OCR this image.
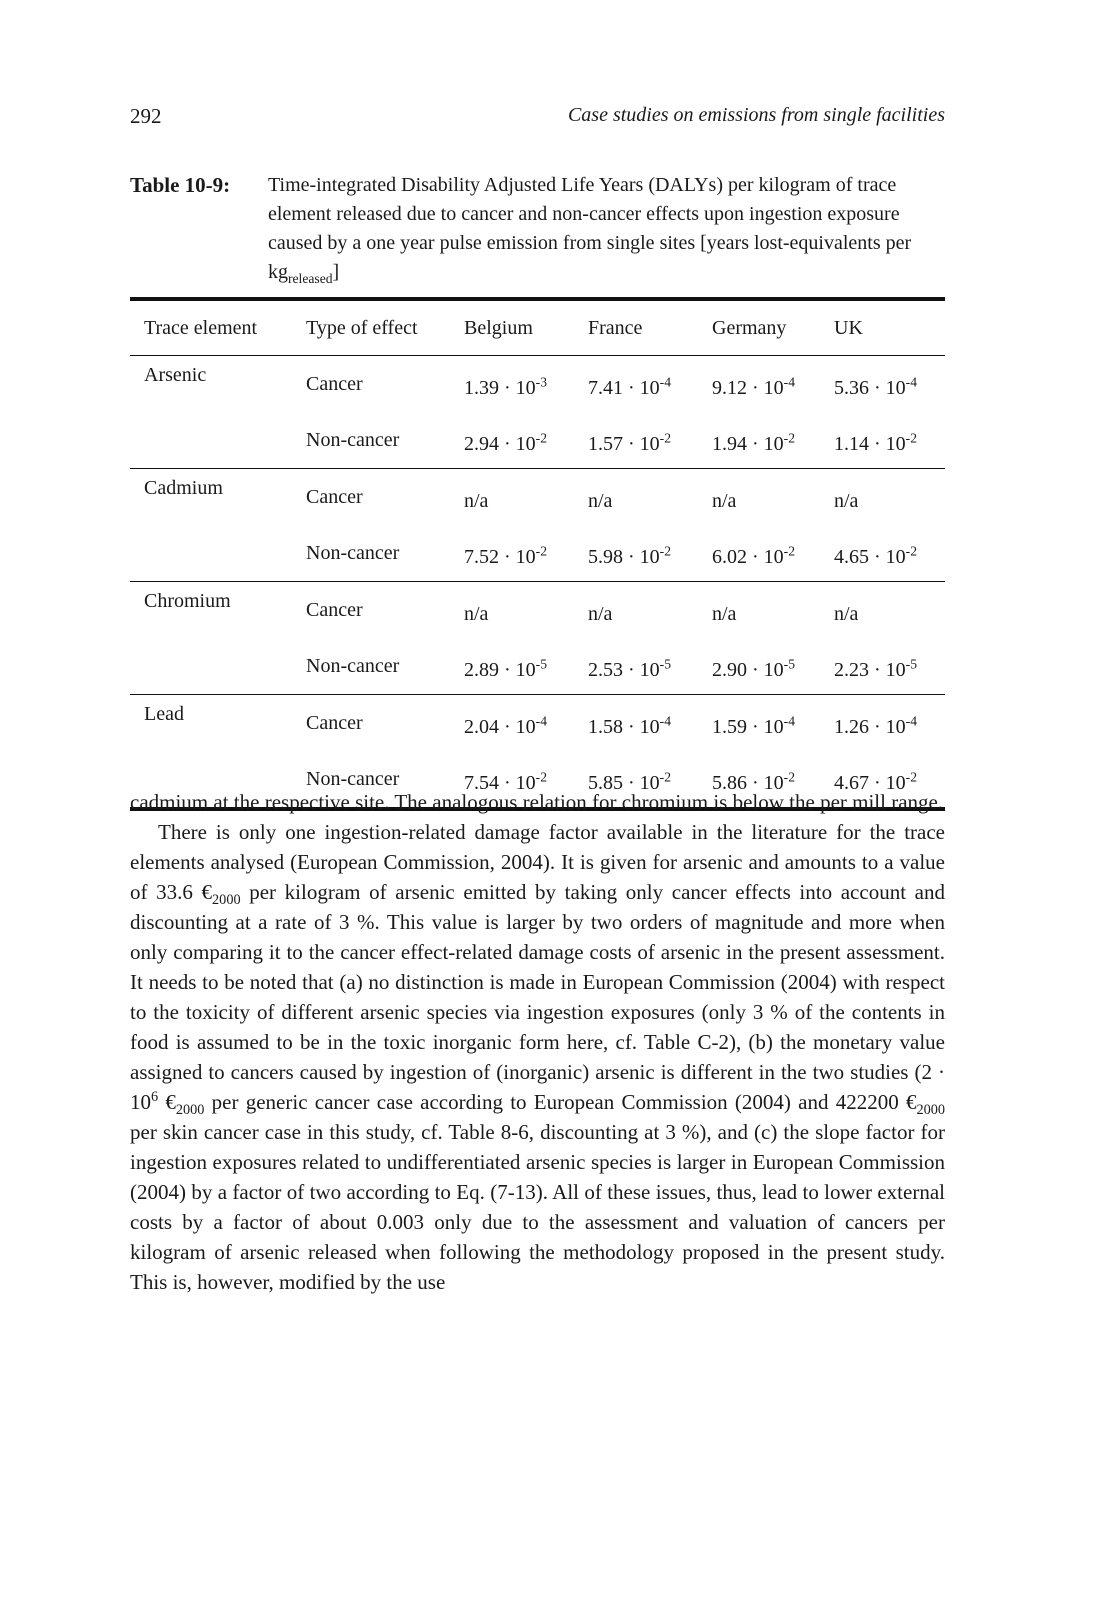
292	Case studies on emissions from single facilities
Table 10-9: Time-integrated Disability Adjusted Life Years (DALYs) per kilogram of trace element released due to cancer and non-cancer effects upon ingestion exposure caused by a one year pulse emission from single sites [years lost-equivalents per $kg_{released}$]
Trace element	Type of effect	Belgium	France	Germany	UK
Arsenic	Cancer	$1.39 \cdot 10^{-3}$	$7.41 \cdot 10^{-4}$	$9.12 \cdot 10^{-4}$	$5.36 \cdot 10^{-4}$
	Non-cancer	$2.94 \cdot 10^{-2}$	$1.57 \cdot 10^{-2}$	$1.94 \cdot 10^{-2}$	$1.14 \cdot 10^{-2}$
Cadmium	Cancer	n/a	n/a	n/a	n/a
	Non-cancer	$7.52 \cdot 10^{-2}$	$5.98 \cdot 10^{-2}$	$6.02 \cdot 10^{-2}$	$4.65 \cdot 10^{-2}$
Chromium	Cancer	n/a	n/a	n/a	n/a
	Non-cancer	$2.89 \cdot 10^{-5}$	$2.53 \cdot 10^{-5}$	$2.90 \cdot 10^{-5}$	$2.23 \cdot 10^{-5}$
Lead	Cancer	$2.04 \cdot 10^{-4}$	$1.58 \cdot 10^{-4}$	$1.59 \cdot 10^{-4}$	$1.26 \cdot 10^{-4}$
	Non-cancer	$7.54 \cdot 10^{-2}$	$5.85 \cdot 10^{-2}$	$5.86 \cdot 10^{-2}$	$4.67 \cdot 10^{-2}$

cadmium at the respective site. The analogous relation for chromium is below the per mill range.

There is only one ingestion-related damage factor available in the literature for the trace elements analysed (European Commission, 2004). It is given for arsenic and amounts to a value of 33.6 $€_{2000}$ per kilogram of arsenic emitted by taking only cancer effects into account and discounting at a rate of 3 %. This value is larger by two orders of magnitude and more when only comparing it to the cancer effect-related damage costs of arsenic in the present assessment. It needs to be noted that (a) no distinction is made in European Commission (2004) with respect to the toxicity of different arsenic species via ingestion exposures (only 3 % of the contents in food is assumed to be in the toxic inorganic form here, cf. Table C-2), (b) the monetary value assigned to cancers caused by ingestion of (inorganic) arsenic is different in the two studies ($2 \cdot 10^6$ $€_{2000}$ per generic cancer case according to European Commission (2004) and 422200 $€_{2000}$ per skin cancer case in this study, cf. Table 8-6, discounting at 3 %), and (c) the slope factor for ingestion exposures related to undifferentiated arsenic species is larger in European Commission (2004) by a factor of two according to Eq. (7-13). All of these issues, thus, lead to lower external costs by a factor of about 0.003 only due to the assessment and valuation of cancers per kilogram of arsenic released when following the methodology proposed in the present study. This is, however, modified by the use
